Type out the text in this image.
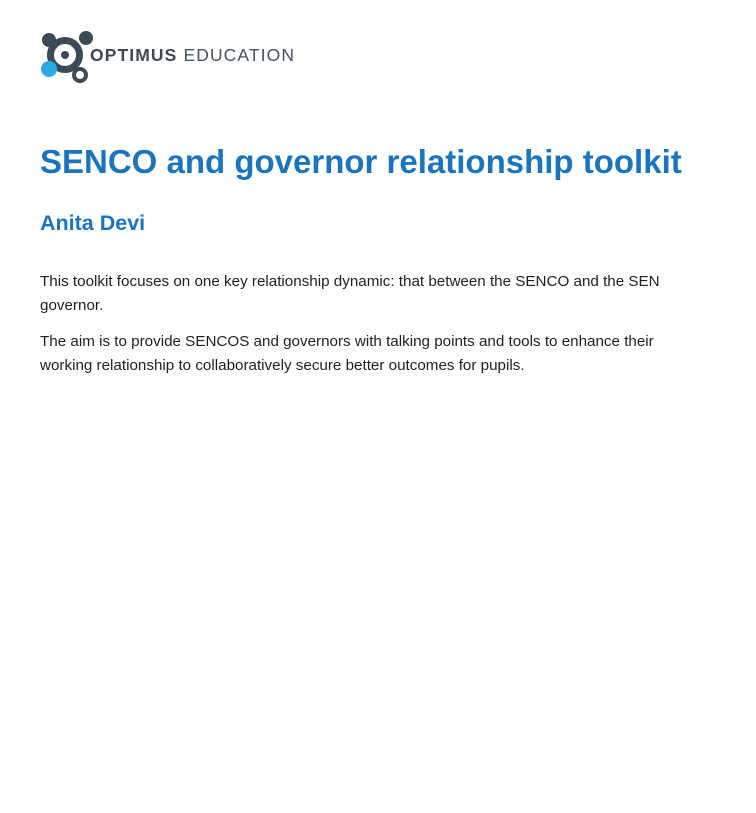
OPTIMUS EDUCATION
SENCO and governor relationship toolkit
Anita Devi

This toolkit focuses on one key relationship dynamic: that between the SENCO and the SEN governor.

The aim is to provide SENCOS and governors with talking points and tools to enhance their working relationship to collaboratively secure better outcomes for pupils.
